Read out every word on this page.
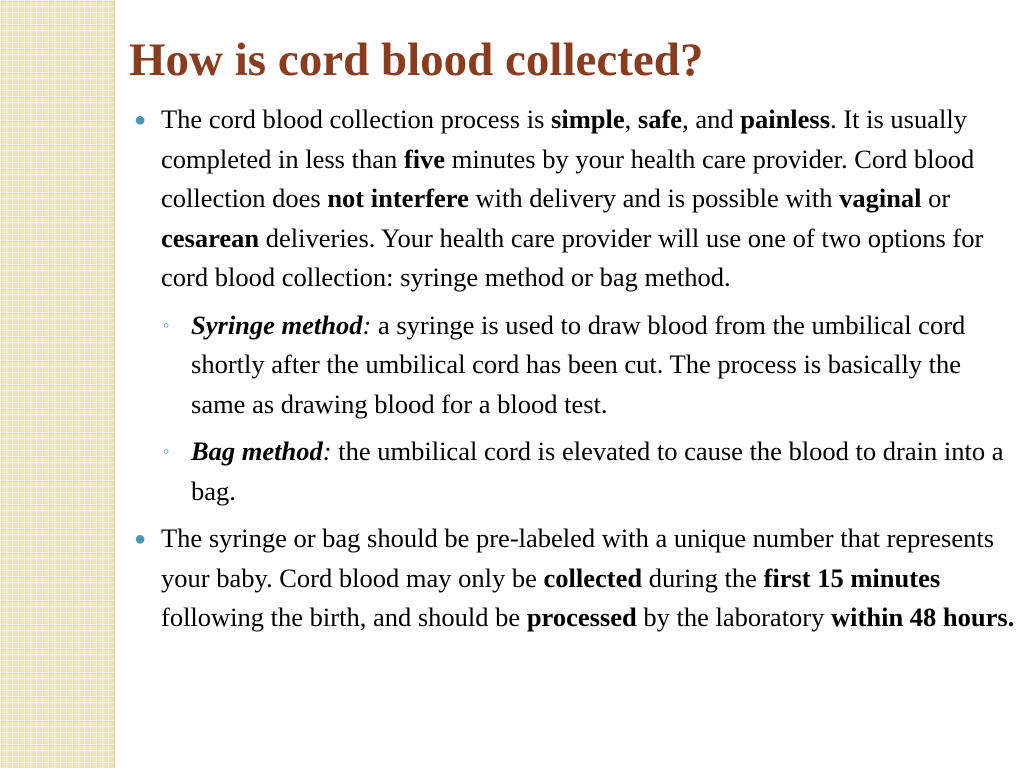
How is cord blood collected?
● The cord blood collection process is simple, safe, and painless. It is usually completed in less than five minutes by your health care provider. Cord blood collection does not interfere with delivery and is possible with vaginal or cesarean deliveries. Your health care provider will use one of two options for cord blood collection: syringe method or bag method.
◦ Syringe method: a syringe is used to draw blood from the umbilical cord shortly after the umbilical cord has been cut. The process is basically the same as drawing blood for a blood test.
◦ Bag method: the umbilical cord is elevated to cause the blood to drain into a bag.
● The syringe or bag should be pre-labeled with a unique number that represents your baby. Cord blood may only be collected during the first 15 minutes following the birth, and should be processed by the laboratory within 48 hours.
